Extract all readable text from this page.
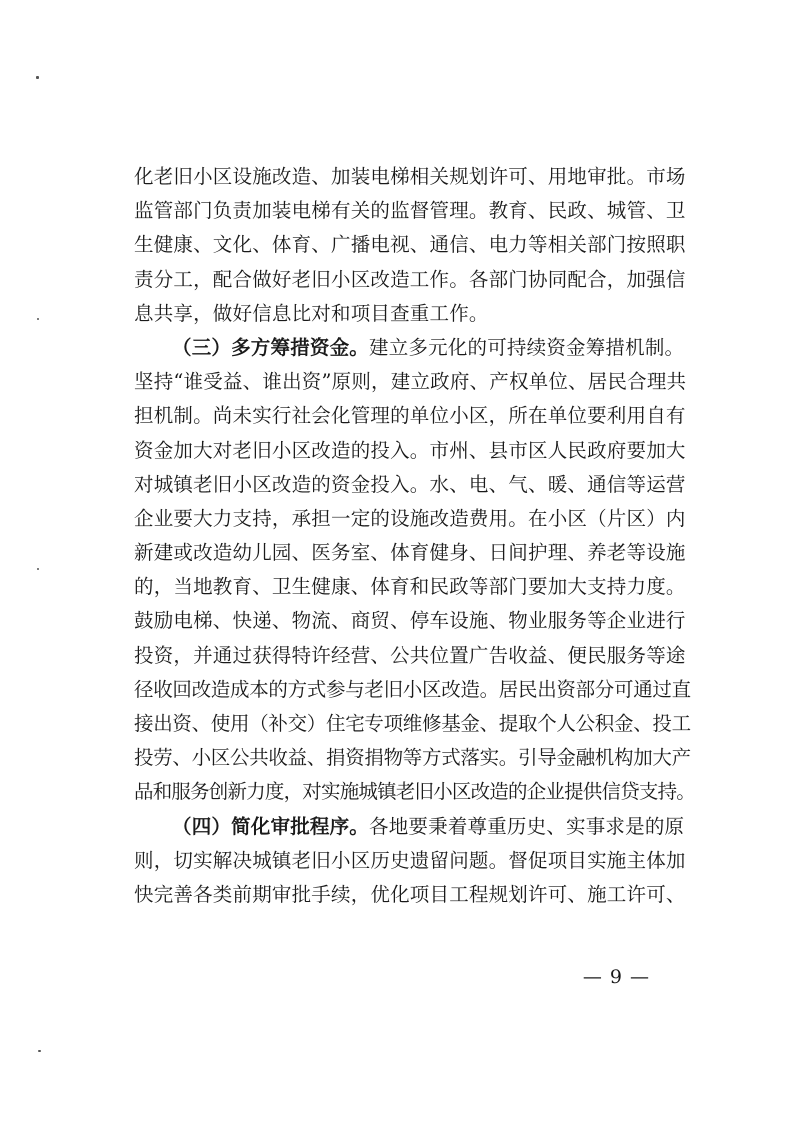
化老旧小区设施改造、加装电梯相关规划许可、用地审批。市场
监管部门负责加装电梯有关的监督管理。教育、民政、城管、卫
生健康、文化、体育、广播电视、通信、电力等相关部门按照职
责分工，配合做好老旧小区改造工作。各部门协同配合，加强信
息共享，做好信息比对和项目查重工作。
（三）多方筹措资金。建立多元化的可持续资金筹措机制。
坚持“谁受益、谁出资”原则，建立政府、产权单位、居民合理共
担机制。尚未实行社会化管理的单位小区，所在单位要利用自有
资金加大对老旧小区改造的投入。市州、县市区人民政府要加大
对城镇老旧小区改造的资金投入。水、电、气、暖、通信等运营
企业要大力支持，承担一定的设施改造费用。在小区（片区）内
新建或改造幼儿园、医务室、体育健身、日间护理、养老等设施
的，当地教育、卫生健康、体育和民政等部门要加大支持力度。
鼓励电梯、快递、物流、商贸、停车设施、物业服务等企业进行
投资，并通过获得特许经营、公共位置广告收益、便民服务等途
径收回改造成本的方式参与老旧小区改造。居民出资部分可通过直
接出资、使用（补交）住宅专项维修基金、提取个人公积金、投工
投劳、小区公共收益、捐资捐物等方式落实。引导金融机构加大产
品和服务创新力度，对实施城镇老旧小区改造的企业提供信贷支持。
（四）简化审批程序。各地要秉着尊重历史、实事求是的原
则，切实解决城镇老旧小区历史遗留问题。督促项目实施主体加
快完善各类前期审批手续，优化项目工程规划许可、施工许可、
— 9 —
